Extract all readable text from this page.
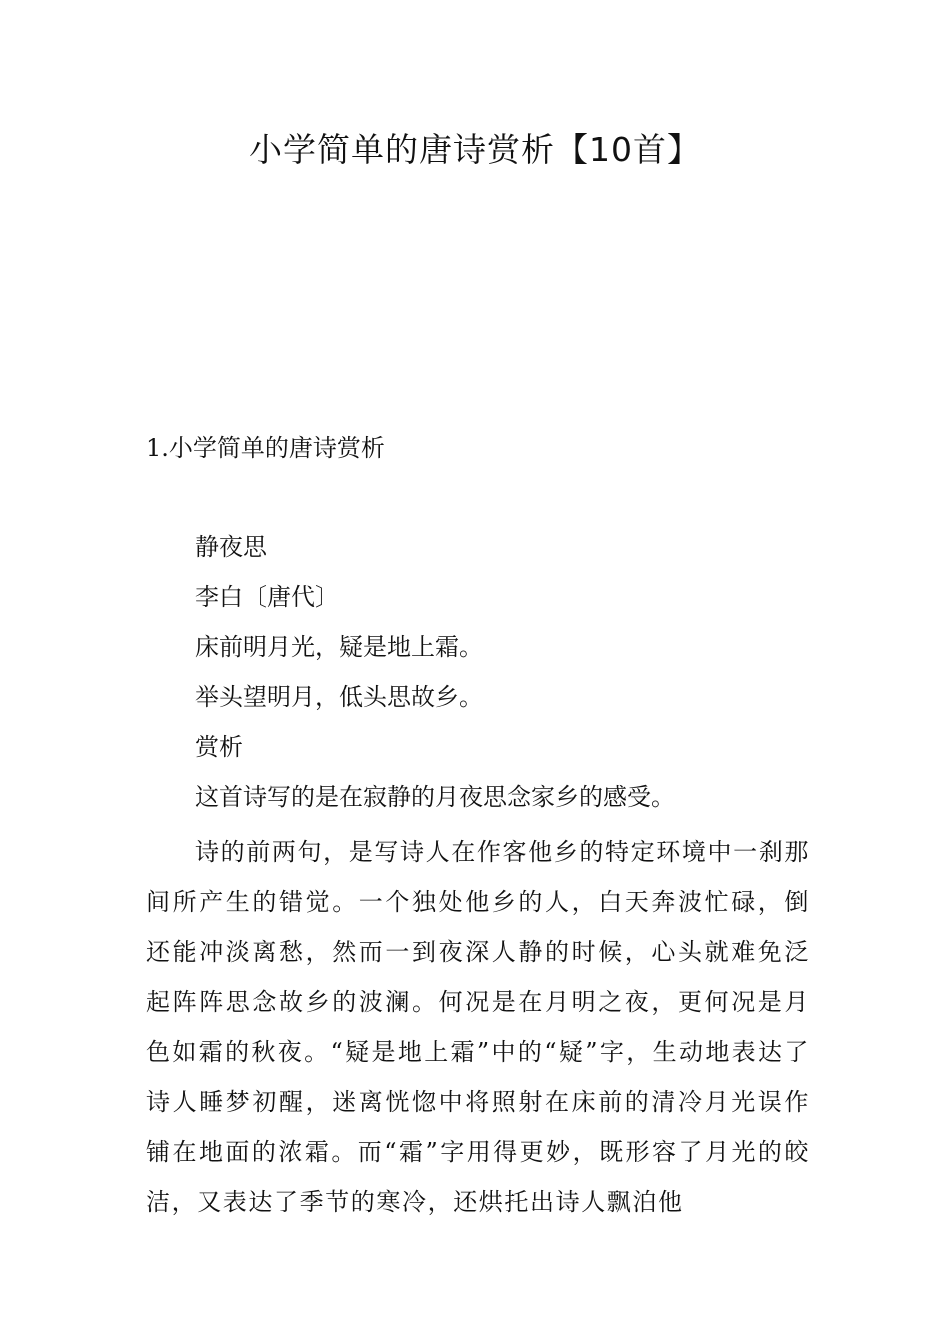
小学简单的唐诗赏析【10首】
1.小学简单的唐诗赏析
静夜思
李白〔唐代〕
床前明月光，疑是地上霜。
举头望明月，低头思故乡。
赏析
这首诗写的是在寂静的月夜思念家乡的感受。

诗的前两句，是写诗人在作客他乡的特定环境中一刹那间所产生的错觉。一个独处他乡的人，白天奔波忙碌，倒还能冲淡离愁，然而一到夜深人静的时候，心头就难免泛起阵阵思念故乡的波澜。何况是在月明之夜，更何况是月色如霜的秋夜。“疑是地上霜”中的“疑”字，生动地表达了诗人睡梦初醒，迷离恍惚中将照射在床前的清冷月光误作铺在地面的浓霜。而“霜”字用得更妙，既形容了月光的皎洁，又表达了季节的寒冷，还烘托出诗人飘泊他
